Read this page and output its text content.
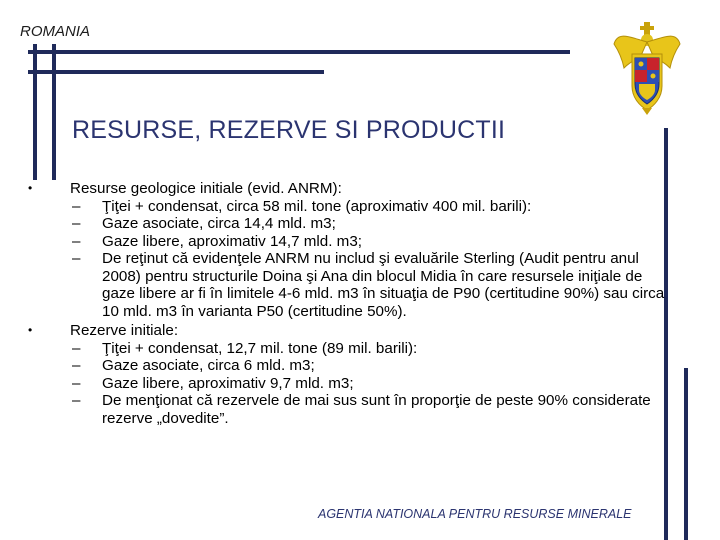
ROMANIA
RESURSE, REZERVE SI PRODUCTII
•	Resurse geologice initiale (evid. ANRM):
– Ţiţei + condensat, circa 58 mil. tone (aproximativ 400 mil. barili):
– Gaze asociate, circa 14,4 mld. m3;
– Gaze libere, aproximativ 14,7 mld. m3;
– De reţinut că evidenţele ANRM nu includ şi evaluările Sterling (Audit pentru anul 2008) pentru structurile Doina şi Ana din blocul Midia în care resursele iniţiale de gaze libere ar fi în limitele 4-6 mld. m3 în situaţia de P90 (certitudine 90%) sau circa 10 mld. m3 în varianta P50 (certitudine 50%).
•	Rezerve initiale:
– Ţiţei + condensat, 12,7 mil. tone (89 mil. barili):
– Gaze asociate, circa 6 mld. m3;
– Gaze libere, aproximativ 9,7 mld. m3;
– De menţionat că rezervele de mai sus sunt în proporţie de peste 90% considerate rezerve „dovedite”.
AGENTIA NATIONALA PENTRU RESURSE MINERALE
